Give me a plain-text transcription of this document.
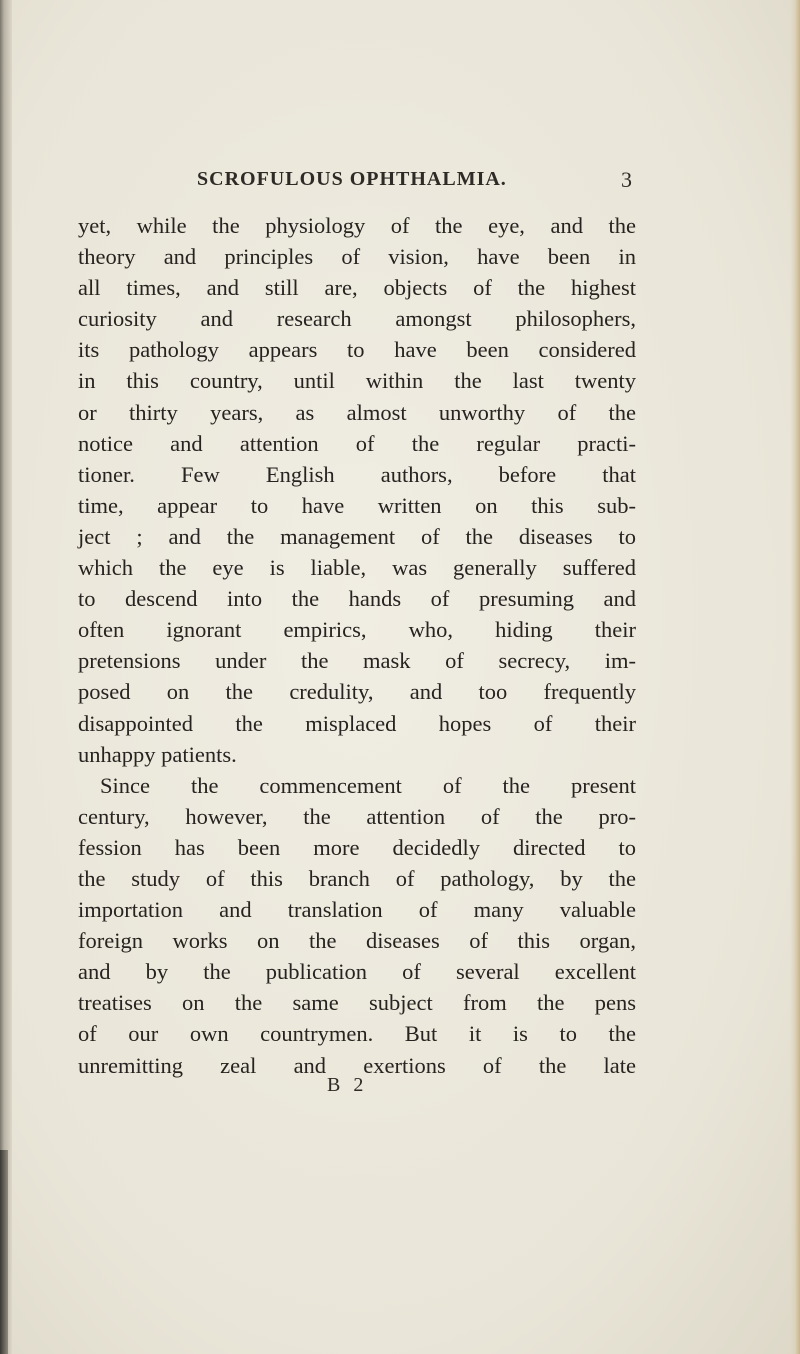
SCROFULOUS OPHTHALMIA.	3
yet, while the physiology of the eye, and the
theory and principles of vision, have been in
all times, and still are, objects of the highest
curiosity and research amongst philosophers,
its pathology appears to have been considered
in this country, until within the last twenty
or thirty years, as almost unworthy of the
notice and attention of the regular practi-
tioner. Few English authors, before that
time, appear to have written on this sub-
ject ; and the management of the diseases to
which the eye is liable, was generally suffered
to descend into the hands of presuming and
often ignorant empirics, who, hiding their
pretensions under the mask of secrecy, im-
posed on the credulity, and too frequently
disappointed the misplaced hopes of their
unhappy patients.
Since the commencement of the present
century, however, the attention of the pro-
fession has been more decidedly directed to
the study of this branch of pathology, by the
importation and translation of many valuable
foreign works on the diseases of this organ,
and by the publication of several excellent
treatises on the same subject from the pens
of our own countrymen. But it is to the
unremitting zeal and exertions of the late
B 2
